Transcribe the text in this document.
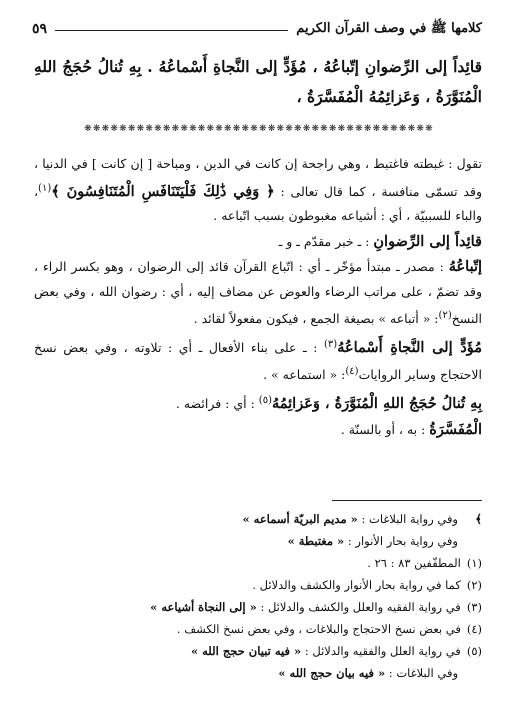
كلامها ﷺ في وصف القرآن الكريم
٥٩
قائِداً إلى الرِّضوانِ إتّباعُهُ ، مُؤَدٍّ إلى النَّجاةِ أَسْماعُهُ . بِهِ تُنالُ حُجَجُ اللهِ الْمُنَوَّرَةُ ، وَعَزائِمُهُ الْمُفَسَّرَةُ ،
❋❋❋❋❋❋❋❋❋❋❋❋❋❋❋❋❋❋❋❋❋❋❋❋❋❋❋❋❋❋❋❋❋❋❋❋❋❋❋❋

تقول : غبطته فاغتبط ، وهي راجحة إن كانت في الدين ، ومباحة [ إن كانت ] في الدنيا ، وقد تسمّى منافسة ، كما قال تعالى : ﴿ وَفِي ذَٰلِكَ فَلْيَتَنَافَسِ الْمُتَنَافِسُونَ ﴾$^{(١)}$، والباء للسببيّة ، أي : أشياعه مغبوطون بسبب اتّباعه .

قائِداً إلى الرِّضوانِ : ـ خبر مقدّم ـ و ـ

إتّباعُهُ : مصدر ـ مبتدأ مؤخّر ـ أي : اتّباع القرآن قائد إلى الرضوان ، وهو بكسر الراء ، وقد تضمّ ، على مراتب الرضاء والعوض عن مضاف إليه ، أي : رضوان الله ، وفي بعض النسخ$^{(٢)}$: « أتباعه » بصيغة الجمع ، فيكون مفعولاً لقائد .

مُؤَدٍّ إلى النَّجاةِ أَسْماعُهُ$^{(٣)}$ : ـ على بناء الأفعال ـ أي : تلاوته ، وفي بعض نسخ الاحتجاج وساير الروايات$^{(٤)}$: « استماعه » .

بِهِ تُنالُ حُجَجُ اللهِ الْمُنَوَّرَةُ ، وَعَزائِمُهُ$^{(٥)}$ : أي : فرائضه .

الْمُفَسَّرَةُ : به ، أو بالسنّة .

﴾
وفي رواية البلاغات : « مديم البريّة أسماعه »
وفي رواية بحار الأنوار : « مغتبطة »
(١)
المطفّفين ٨٣ : ٢٦ .
(٢)
كما في رواية بحار الأنوار والكشف والدلائل .
(٣)
في رواية الفقيه والعلل والكشف والدلائل : « إلى النجاة أشياعه »
(٤)
في بعض نسخ الاحتجاج والبلاغات ، وفي بعض نسخ الكشف .
(٥)
في رواية العلل والفقيه والدلائل : « فيه تبيان حجج الله »
وفي البلاغات : « فيه بيان حجج الله »
